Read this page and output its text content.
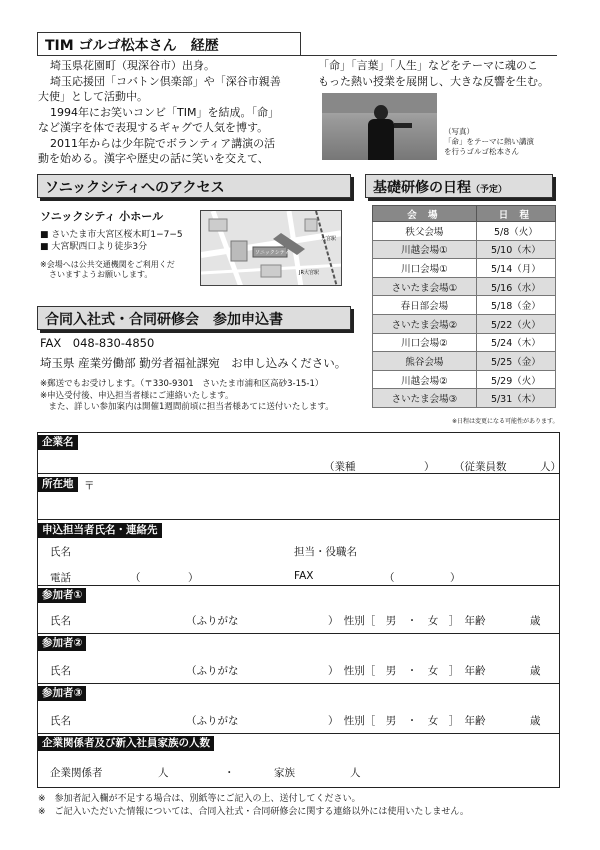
TIM ゴルゴ松本さん　経歴
埼玉県花園町（現深谷市）出身。
埼玉応援団「コバトン倶楽部」や「深谷市親善
大使」として活動中。
1994年にお笑いコンビ「TIM」を結成。「命」
など漢字を体で表現するギャグで人気を博す。
2011年からは少年院でボランティア講演の活
動を始める。漢字や歴史の話に笑いを交えて、
「命」「言葉」「人生」などをテーマに魂のこ
もった熱い授業を展開し、大きな反響を生む。
（写真）
「命」をテーマに熱い講演
を行うゴルゴ松本さん
ソニックシティへのアクセス
ソニックシティ 小ホール
■ さいたま市大宮区桜木町1−7−5
■ 大宮駅西口より徒歩3分
※会場へは公共交通機関をご利用くだ
さいますようお願いします。
ソニックシティ
JR大宮駅
大宮駅
基礎研修の日程（予定）
会 場	日 程
秩父会場	5/8（火）
川越会場①	5/10（木）
川口会場①	5/14（月）
さいたま会場①	5/16（水）
春日部会場	5/18（金）
さいたま会場②	5/22（火）
川口会場②	5/24（木）
熊谷会場	5/25（金）
川越会場②	5/29（火）
さいたま会場③	5/31（木）
※日程は変更になる可能性があります。
合同入社式・合同研修会　参加申込書
FAX　048-830-4850
埼玉県 産業労働部 勤労者福祉課宛　お申し込みください。
※郵送でもお受けします。（〒330-9301　さいたま市浦和区高砂3-15-1）
※申込受付後、申込担当者様にご連絡いたします。
　また、詳しい参加案内は開催1週間前頃に担当者様あてに送付いたします。
企業名
（業種	） （従業員数	人）
所在地	〒
申込担当者氏名・連絡先
氏名	担当・役職名
電話	（	）	FAX	（	）
参加者①
氏名	（ふりがな	）　性別［　男　・　女　］　年齢	歳
参加者②
氏名	（ふりがな	）　性別［　男　・　女　］　年齢	歳
参加者③
氏名	（ふりがな	）　性別［　男　・　女　］　年齢	歳
企業関係者及び新入社員家族の人数
企業関係者	人	・	家族	人
※　参加者記入欄が不足する場合は、別紙等にご記入の上、送付してください。
※　ご記入いただいた情報については、合同入社式・合同研修会に関する連絡以外には使用いたしません。
